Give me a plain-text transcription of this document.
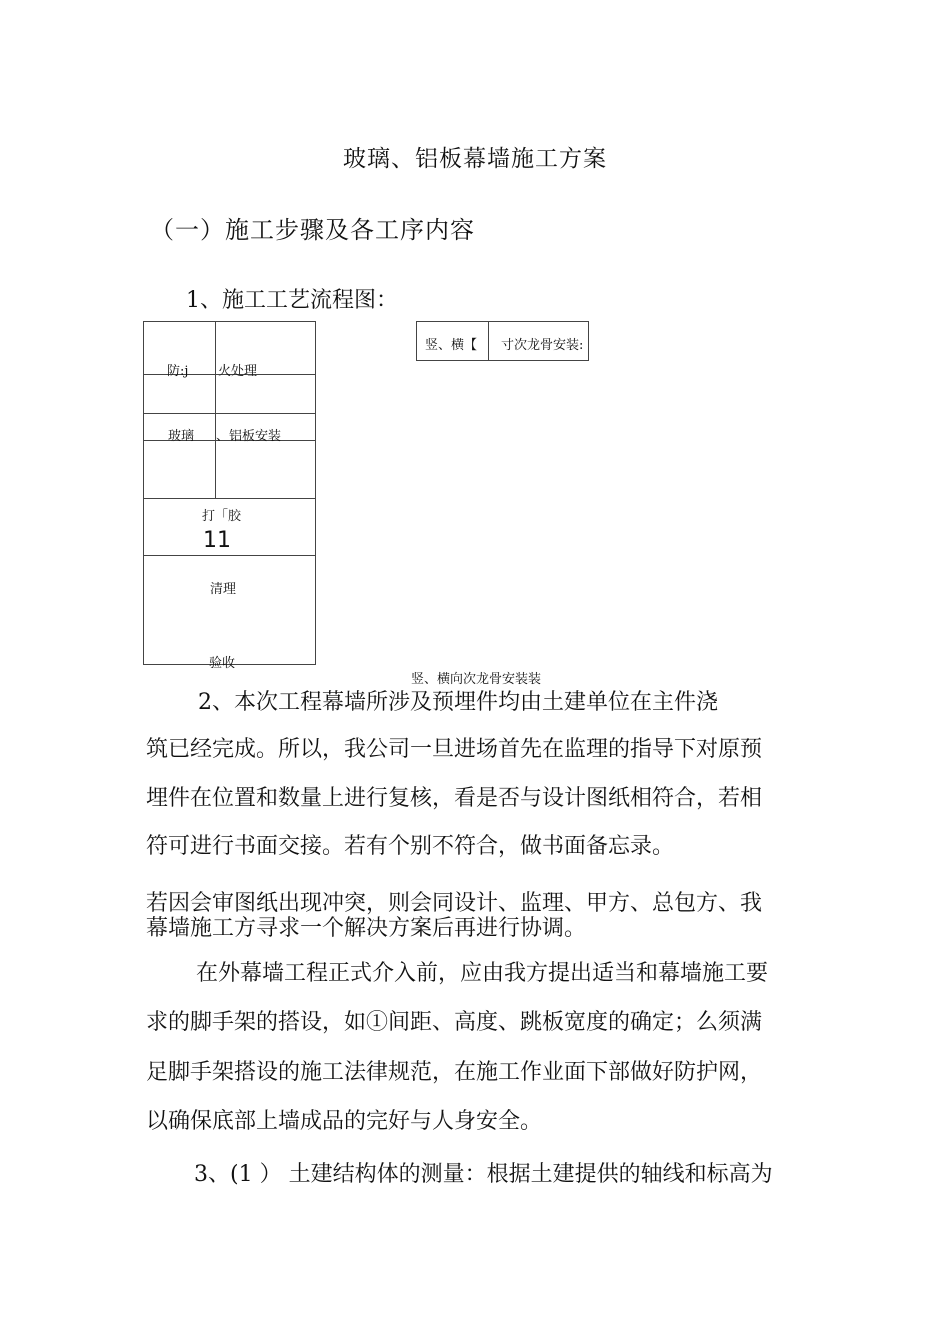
玻璃、铝板幕墙施工方案
（一）施工步骤及各工序内容
1、施工工艺流程图：
防:j 火处理
玻璃 、铝板安装
打「胶
11
清理
验收
竖、横【 寸次龙骨安装:
竖、横向次龙骨安装装
2、本次工程幕墙所涉及预埋件均由土建单位在主件浇
筑已经完成。所以，我公司一旦进场首先在监理的指导下对原预
埋件在位置和数量上进行复核，看是否与设计图纸相符合，若相
符可进行书面交接。若有个别不符合，做书面备忘录。
若因会审图纸出现冲突，则会同设计、监理、甲方、总包方、我
幕墙施工方寻求一个解决方案后再进行协调。
在外幕墙工程正式介入前，应由我方提出适当和幕墙施工要
求的脚手架的搭设，如①间距、高度、跳板宽度的确定；么须满
足脚手架搭设的施工法律规范，在施工作业面下部做好防护网，
以确保底部上墙成品的完好与人身安全。
3、(1 ） 土建结构体的测量：根据土建提供的轴线和标高为
